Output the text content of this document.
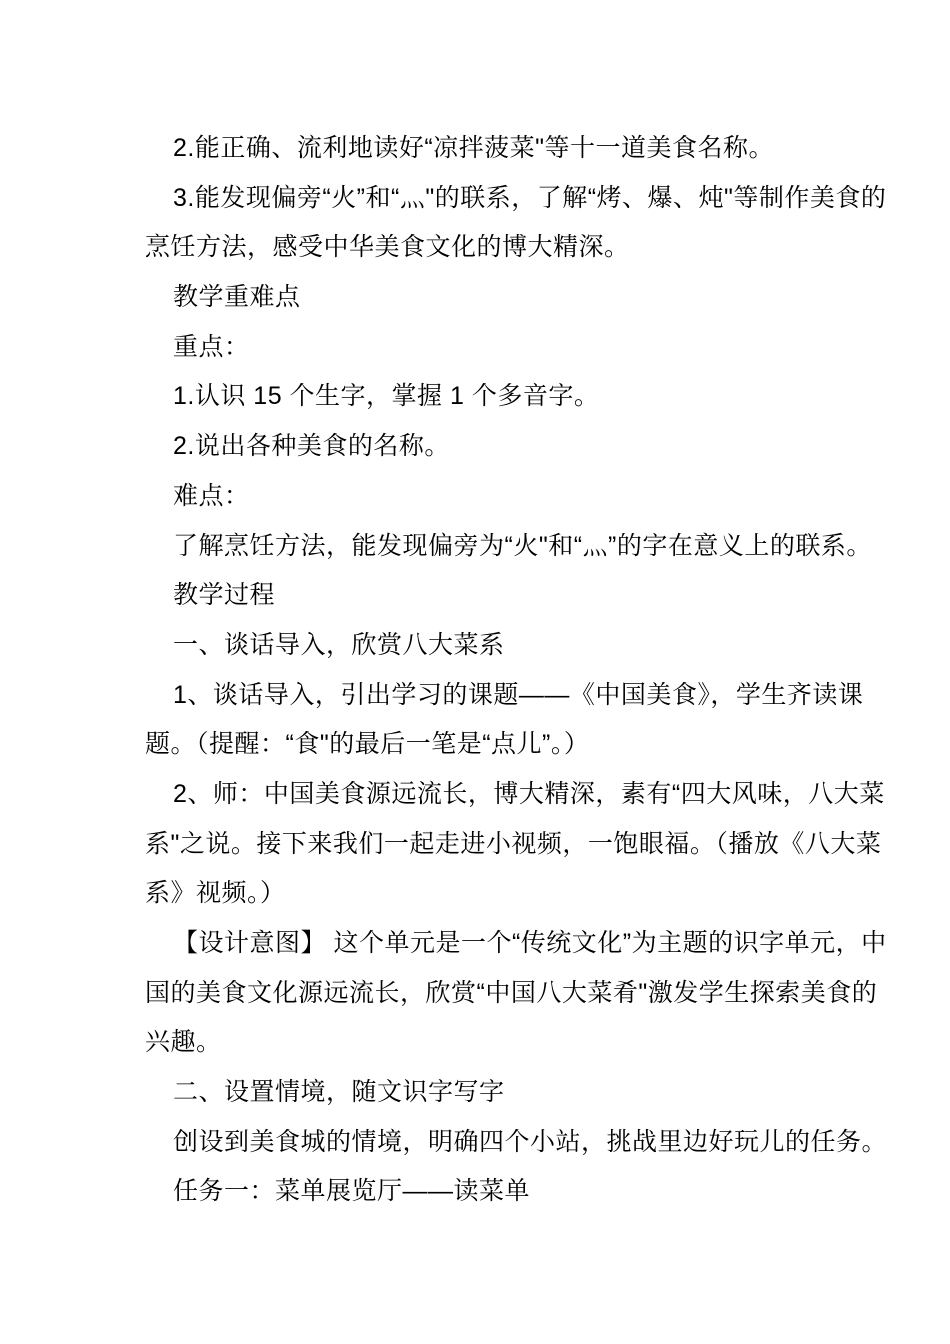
2.能正确、流利地读好“凉拌菠菜"等十一道美食名称。
3.能发现偏旁“火”和“灬"的联系，了解“烤、爆、炖"等制作美食的
烹饪方法，感受中华美食文化的博大精深。
教学重难点
重点：
1.认识 15 个生字，掌握 1 个多音字。
2.说出各种美食的名称。
难点：
了解烹饪方法，能发现偏旁为“火"和“灬”的字在意义上的联系。
教学过程
一、谈话导入，欣赏八大菜系
1、谈话导入，引出学习的课题——《中国美食》，学生齐读课
题。（提醒：“食"的最后一笔是“点儿”。）
2、师：中国美食源远流长，博大精深，素有“四大风味，八大菜
系"之说。接下来我们一起走进小视频，一饱眼福。（播放《八大菜
系》视频。）
【设计意图】 这个单元是一个“传统文化”为主题的识字单元，中
国的美食文化源远流长，欣赏“中国八大菜肴"激发学生探索美食的
兴趣。
二、设置情境，随文识字写字
创设到美食城的情境，明确四个小站，挑战里边好玩儿的任务。
任务一：菜单展览厅——读菜单
